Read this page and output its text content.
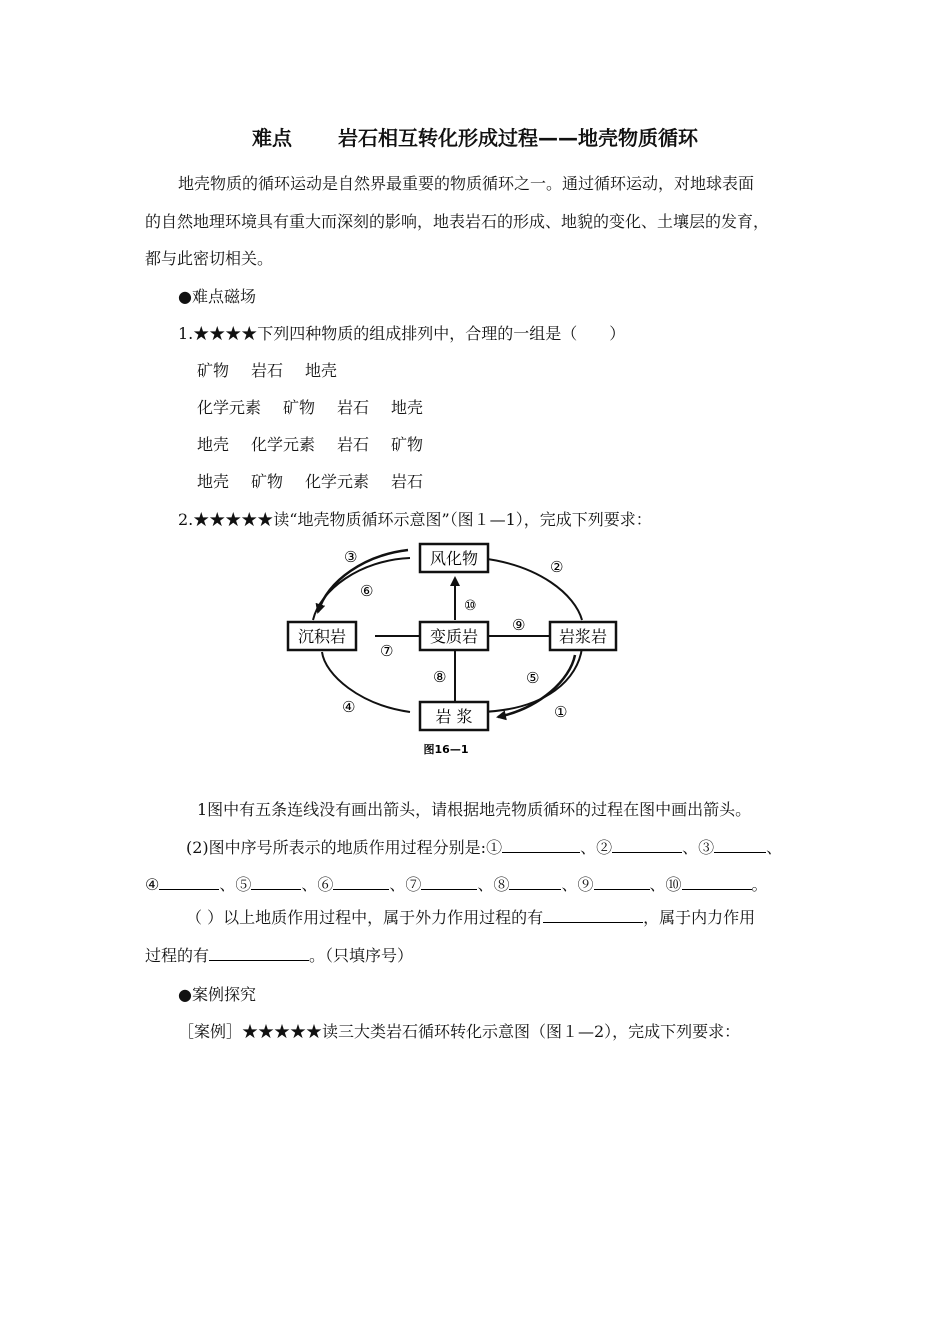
难点 岩石相互转化形成过程——地壳物质循环
地壳物质的循环运动是自然界最重要的物质循环之一。通过循环运动，对地球表面
的自然地理环境具有重大而深刻的影响，地表岩石的形成、地貌的变化、土壤层的发育，
都与此密切相关。
●难点磁场
1.★★★★下列四种物质的组成排列中，合理的一组是（　　）
矿物 岩石 地壳
化学元素 矿物 岩石 地壳
地壳 化学元素 岩石 矿物
地壳 矿物 化学元素 岩石
2.★★★★★读“地壳物质循环示意图”（图１—1），完成下列要求：
风化物
沉积岩	变质岩	岩浆岩
岩 浆
③
⑥
②
⑩
⑨
⑦
⑧	⑤
④	①
图16—1
1图中有五条连线没有画出箭头，请根据地壳物质循环的过程在图中画出箭头。
(2)图中序号所表示的地质作用过程分别是:①	、②	、③	、
④	、⑤	、⑥	、⑦	、⑧	、⑨	、⑩	。
（ ）以上地质作用过程中，属于外力作用过程的有	，属于内力作用
过程的有	。（只填序号）
●案例探究
［案例］★★★★★读三大类岩石循环转化示意图（图１—2），完成下列要求：
